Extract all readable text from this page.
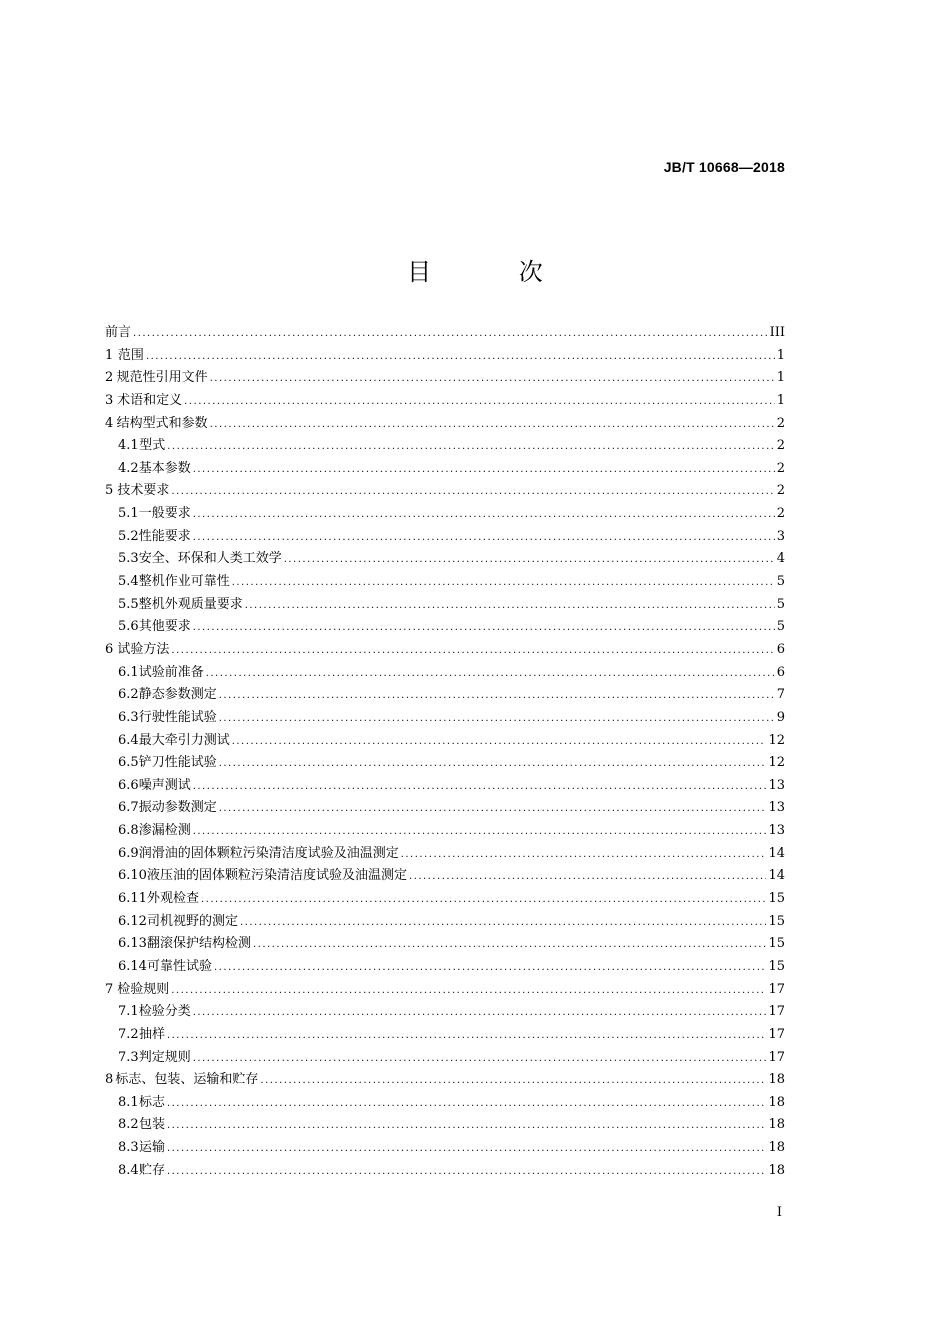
JB/T 10668—2018
目 次
前言 .....	III
1 范围 .....	1
2 规范性引用文件 .....	1
3 术语和定义 .....	1
4 结构型式和参数 .....	2
4.1 型式 .....	2
4.2 基本参数 .....	2
5 技术要求 .....	2
5.1 一般要求 .....	2
5.2 性能要求 .....	3
5.3 安全、环保和人类工效学 .....	4
5.4 整机作业可靠性 .....	5
5.5 整机外观质量要求 .....	5
5.6 其他要求 .....	5
6 试验方法 .....	6
6.1 试验前准备 .....	6
6.2 静态参数测定 .....	7
6.3 行驶性能试验 .....	9
6.4 最大牵引力测试 .....	12
6.5 铲刀性能试验 .....	12
6.6 噪声测试 .....	13
6.7 振动参数测定 .....	13
6.8 渗漏检测 .....	13
6.9 润滑油的固体颗粒污染清洁度试验及油温测定 .....	14
6.10 液压油的固体颗粒污染清洁度试验及油温测定 .....	14
6.11 外观检查 .....	15
6.12 司机视野的测定 .....	15
6.13 翻滚保护结构检测 .....	15
6.14 可靠性试验 .....	15
7 检验规则 .....	17
7.1 检验分类 .....	17
7.2 抽样 .....	17
7.3 判定规则 .....	17
8 标志、包装、运输和贮存 .....	18
8.1 标志 .....	18
8.2 包装 .....	18
8.3 运输 .....	18
8.4 贮存 .....	18
I
